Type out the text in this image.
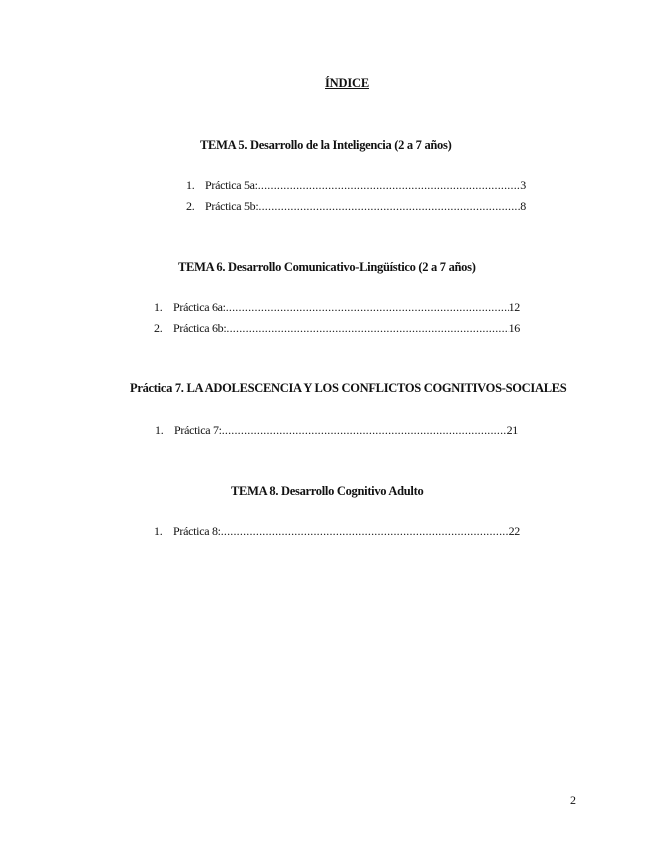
ÍNDICE
TEMA 5. Desarrollo de la Inteligencia (2 a 7 años)
1. Práctica 5a: .....	3
2. Práctica 5b: .....	8
TEMA 6. Desarrollo Comunicativo-Lingüístico (2 a 7 años)
1. Práctica 6a: .....	12
2. Práctica 6b: .....	16
Práctica 7. LA ADOLESCENCIA Y LOS CONFLICTOS COGNITIVOS-SOCIALES
1. Práctica 7: .....	21
TEMA 8. Desarrollo Cognitivo Adulto
1. Práctica 8: .....	22
2
